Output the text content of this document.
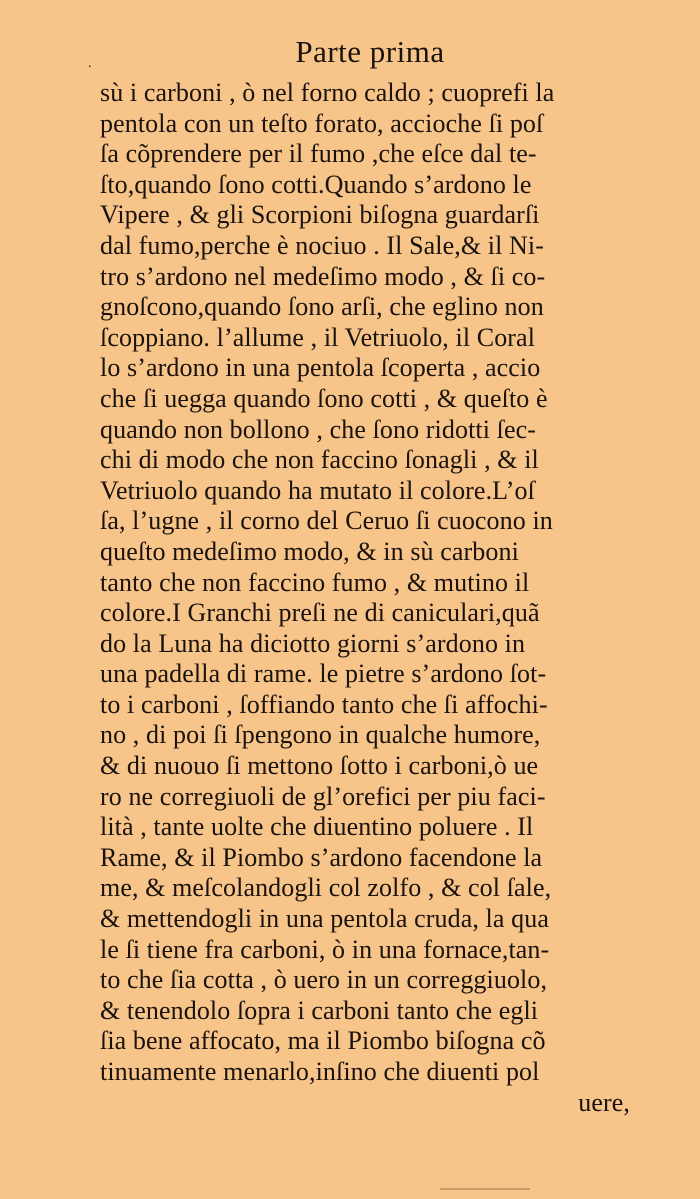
.	Parte prima
sù i carboni , ò nel forno caldo ; cuoprefi la
pentola con un teſto forato, accioche ſi poſ
ſa cõprendere per il fumo ,che eſce dal te-
ſto,quando ſono cotti.Quando s’ardono le
Vipere , & gli Scorpioni biſogna guardarſi
dal fumo,perche è nociuo . Il Sale,& il Ni-
tro s’ardono nel medeſimo modo , & ſi co-
gnoſcono,quando ſono arſi, che eglino non
ſcoppiano. l’allume , il Vetriuolo, il Coral
lo s’ardono in una pentola ſcoperta , accio
che ſi uegga quando ſono cotti , & queſto è
quando non bollono , che ſono ridotti ſec-
chi di modo che non faccino ſonagli , & il
Vetriuolo quando ha mutato il colore.L’oſ
ſa, l’ugne , il corno del Ceruo ſi cuocono in
queſto medeſimo modo, & in sù carboni
tanto che non faccino fumo , & mutino il
colore.I Granchi preſi ne di caniculari,quã
do la Luna ha diciotto giorni s’ardono in
una padella di rame. le pietre s’ardono ſot-
to i carboni , ſoffiando tanto che ſi affochi-
no , di poi ſi ſpengono in qualche humore,
& di nuouo ſi mettono ſotto i carboni,ò ue
ro ne corregiuoli de gl’orefici per piu faci-
lità , tante uolte che diuentino poluere . Il
Rame, & il Piombo s’ardono facendone la
me, & meſcolandogli col zolfo , & col ſale,
& mettendogli in una pentola cruda, la qua
le ſi tiene fra carboni, ò in una fornace,tan-
to che ſia cotta , ò uero in un correggiuolo,
& tenendolo ſopra i carboni tanto che egli
ſia bene affocato, ma il Piombo biſogna cõ
tinuamente menarlo,inſino che diuenti pol
uere,
